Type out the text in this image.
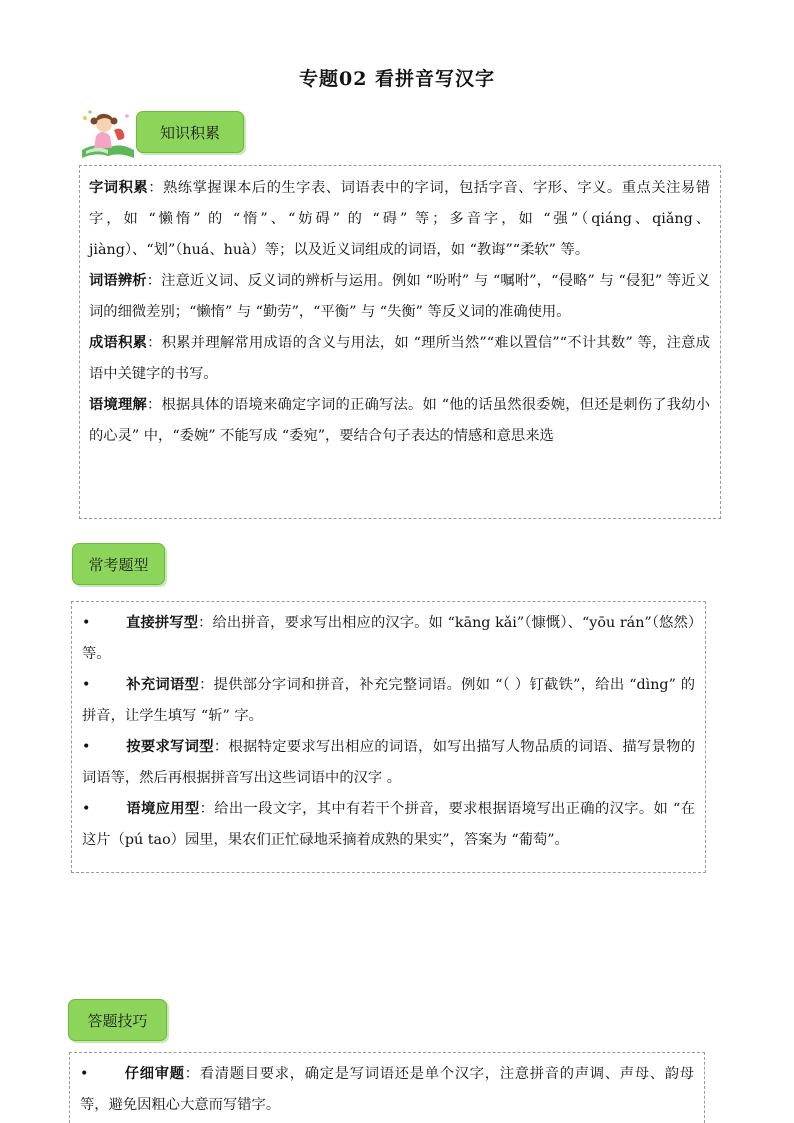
专题02 看拼音写汉字
知识积累

字词积累：熟练掌握课本后的生字表、词语表中的字词，包括字音、字形、字义。重点关注易错字，如 “懒惰” 的 “惰”、“妨碍” 的 “碍” 等；多音字，如 “强”（qiáng、qiǎng、jiàng）、“划”（huá、huà）等；以及近义词组成的词语，如 “教诲”“柔软” 等。

词语辨析：注意近义词、反义词的辨析与运用。例如 “吩咐” 与 “嘱咐”，“侵略” 与 “侵犯” 等近义词的细微差别；“懒惰” 与 “勤劳”，“平衡” 与 “失衡” 等反义词的准确使用。

成语积累：积累并理解常用成语的含义与用法，如 “理所当然”“难以置信”“不计其数” 等，注意成语中关键字的书写。

语境理解：根据具体的语境来确定字词的正确写法。如 “他的话虽然很委婉，但还是刺伤了我幼小的心灵” 中，“委婉” 不能写成 “委宛”，要结合句子表达的情感和意思来选

常考题型

• 直接拼写型：给出拼音，要求写出相应的汉字。如 “kāng kǎi”（慷慨）、“yōu rán”（悠然）等。

• 补充词语型：提供部分字词和拼音，补充完整词语。例如 “（ ）钉截铁”，给出 “dìng” 的拼音，让学生填写 “斩” 字。

• 按要求写词型：根据特定要求写出相应的词语，如写出描写人物品质的词语、描写景物的词语等，然后再根据拼音写出这些词语中的汉字 。

• 语境应用型：给出一段文字，其中有若干个拼音，要求根据语境写出正确的汉字。如 “在这片（pú tao）园里，果农们正忙碌地采摘着成熟的果实”，答案为 “葡萄”。

答题技巧

• 仔细审题：看清题目要求，确定是写词语还是单个汉字，注意拼音的声调、声母、韵母等，避免因粗心大意而写错字。
